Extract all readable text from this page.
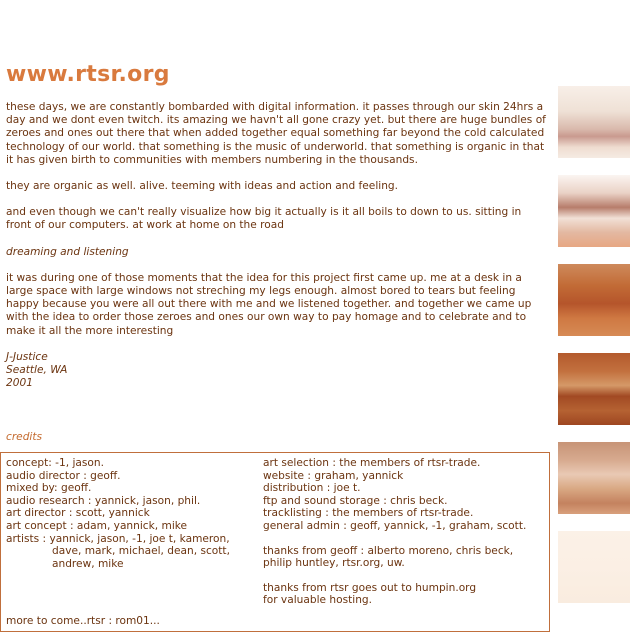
www.rtsr.org

these days, we are constantly bombarded with digital information. it passes through our skin 24hrs a day and we dont even twitch. its amazing we havn't all gone crazy yet. but there are huge bundles of zeroes and ones out there that when added together equal something far beyond the cold calculated technology of our world. that something is the music of underworld. that something is organic in that it has given birth to communities with members numbering in the thousands.

they are organic as well. alive. teeming with ideas and action and feeling.

and even though we can't really visualize how big it actually is it all boils to down to us. sitting in front of our computers. at work at home on the road

dreaming and listening

it was during one of those moments that the idea for this project first came up. me at a desk in a large space with large windows not streching my legs enough. almost bored to tears but feeling happy because you were all out there with me and we listened together. and together we came up with the idea to order those zeroes and ones our own way to pay homage and to celebrate and to make it all the more interesting

J-Justice

Seattle, WA

2001

credits
concept: -1, jason.
audio director : geoff.
mixed by: geoff.
audio research : yannick, jason, phil.
art director : scott, yannick
art concept : adam, yannick, mike
artists : yannick, jason, -1, joe t, kameron,
dave, mark, michael, dean, scott,
andrew, mike
art selection : the members of rtsr-trade.
website : graham, yannick
distribution : joe t.
ftp and sound storage : chris beck.
tracklisting : the members of rtsr-trade.
general admin : geoff, yannick, -1, graham, scott.
thanks from geoff : alberto moreno, chris beck,
philip huntley, rtsr.org, uw.
thanks from rtsr goes out to humpin.org
for valuable hosting.
more to come..rtsr : rom01...
